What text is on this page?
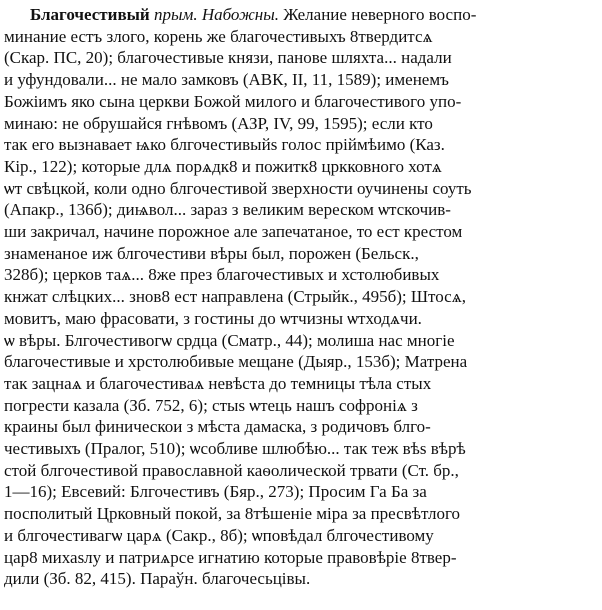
Благочестивый прым. Набожны. Желание неверного воспо-
минание естъ злого, корень же благочестивыхъ 8твердитсѧ
(Скар. ПС, 20); благочестивые князи, панове шляхта... надали
и уфундовали... не мало замковъ (АВК, II, 11, 1589); именемъ
Божiимъ яко сына церкви Божой милого и благочестивого упо-
минаю: не обрушайся гнѣвомъ (АЗР, IV, 99, 1595); если кто
так его вызнавает ѩко блгочестивыйs голос прiймѣимо (Каз.
Кір., 122); которые длѧ порѧдк8 и пожитк8 цркковного хотѧ
ѡт свѣцкой, коли одно блгочестивой зверхности оучинены соуть
(Апакр., 136б); диѩвол... зараз з великим вереском ѡтскочив-
ши закричал, начине порожное але запечатаное, то ест крестом
знаменаное иж блгочестиви вѣры был, порожен (Бельск.,
328б); церков таѧ... 8же през благочестивых и хстолюбивых
кнжат слѣцких... знов8 ест направлена (Стрыйк., 495б); Штосѧ,
мовитъ, маю фрасовати, з гостины до ѡтчизны ѡтходѧчи.
ѡ вѣры. Блгочестивогѡ срдца (Сматр., 44); молиша нас многiе
благочестивые и хрстолюбивые мещане (Дыяр., 153б); Матрена
так зацнаѧ и благочестиваѧ невѣста до темницы тѣла стых
погрести казала (Зб. 752, 6); стыs ѡтець нашъ софронiѧ з
краины был финическои з мѣста дамаска, з родичовъ блго-
честивыхъ (Пралог, 510); ѡсобливе шлюбѣю... так теж вѣs вѣрѣ
стой блгочестивой православной каѳолической трвати (Ст. бр.,
1—16); Евсевий: Блгочестивъ (Бяр., 273); Просим Га Ба за
посполитый Црковный покой, за 8тѣшенiе мiра за пресвѣтлого
и блгочестивагѡ царѧ (Сакр., 8б); ѡповѣдал блгочестивому
цар8 михаsлу и патриѧрсе игнатию которые правовѣрiе 8твер-
дили (Зб. 82, 415). Параўн. благочесьцівы.
